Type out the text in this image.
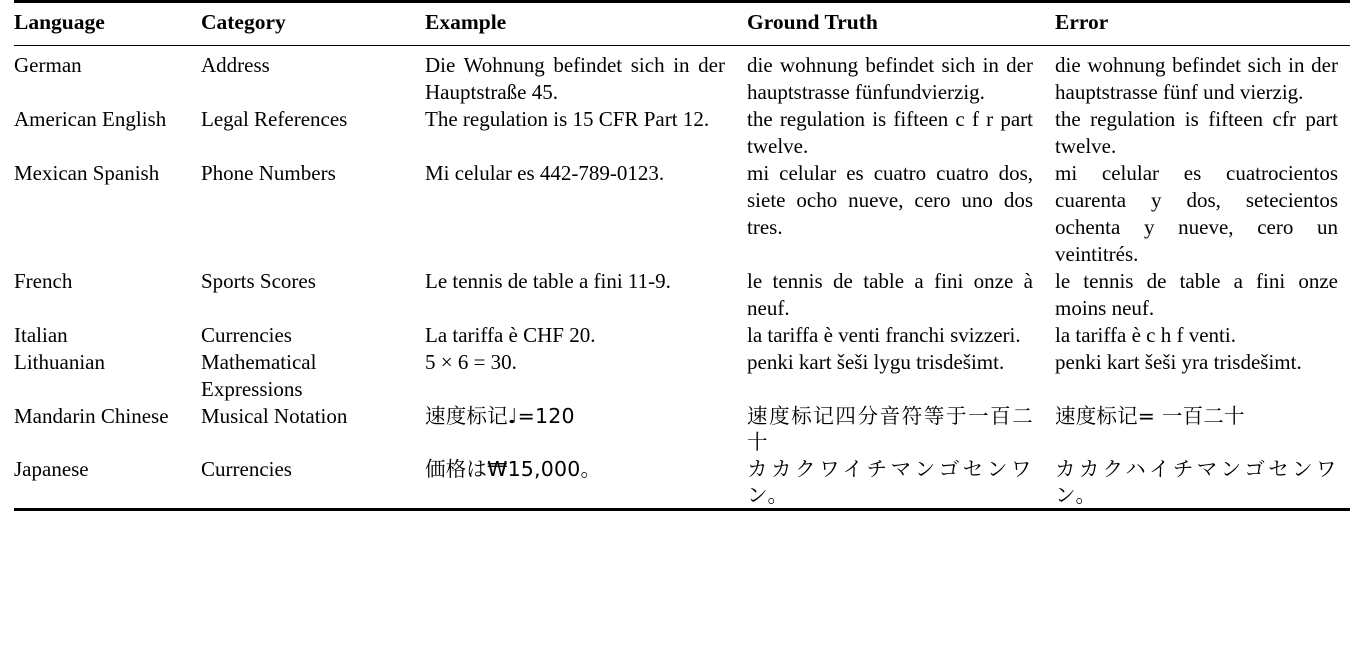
Language	Category	Example	Ground Truth	Error
German	Address	Die Wohnung befindet sich in der Hauptstraße 45.	die wohnung befindet sich in der hauptstrasse fünfundvierzig.	die wohnung befindet sich in der hauptstrasse fünf und vierzig.

American English	Legal References	The regulation is 15 CFR Part 12.	the regulation is fifteen c f r part twelve.	the regulation is fifteen cfr part twelve.

Mexican Spanish	Phone Numbers	Mi celular es 442-789-0123.	mi celular es cuatro cuatro dos, siete ocho nueve, cero uno dos tres.	mi celular es cuatrocientos cuarenta y dos, setecientos ochenta y nueve, cero un veintitrés.

French	Sports Scores	Le tennis de table a fini 11-9.	le tennis de table a fini onze à neuf.	le tennis de table a fini onze moins neuf.

Italian	Currencies	La tariffa è CHF 20.	la tariffa è venti franchi svizzeri.	la tariffa è c h f venti.

Lithuanian	Mathematical Expressions	5 × 6 = 30.	penki kart šeši lygu trisdešimt.	penki kart šeši yra trisdešimt.

Mandarin Chinese	Musical Notation	速度标记♩=120	速度标记四分音符等于一百二十	速度标记= 一百二十

Japanese	Currencies	価格は₩15,000。	カカクワイチマンゴセンワン。	カカクハイチマンゴセンワン。
